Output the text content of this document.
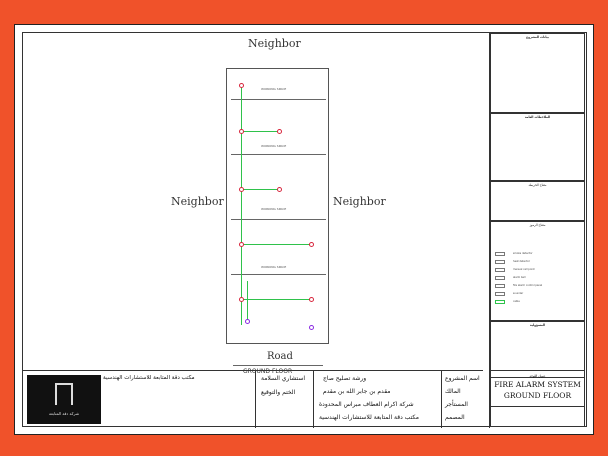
Neighbor
Neighbor	Neighbor
WORKING SPACE
WORKING SPACE
WORKING SPACE
WORKING SPACE
Road
GROUND FLOOR
بيانات المشروع
الملاحظات العامة
مفتاح الخريطة
مفتاح الرموز
smoke detector
heat detector
manual call point
alarm bell
fire alarm control panel
sounder
cable
المسؤولية
شركة دقة المتابعة
مكتب دقة المتابعة للاستشارات الهندسية	استشاري السلامة
الختم والتوقيع
ورشة تصليح صاج
مقدم بن جابر الله بن مقدم
شركة اكرام العطاف مبراس المحدودة
مكتب دقة المتابعة للاستشارات الهندسية
اسم المشروع
المالك
المستأجر
المصمم
عنوان اللوحة
FIRE ALARM SYSTEM
GROUND FLOOR
